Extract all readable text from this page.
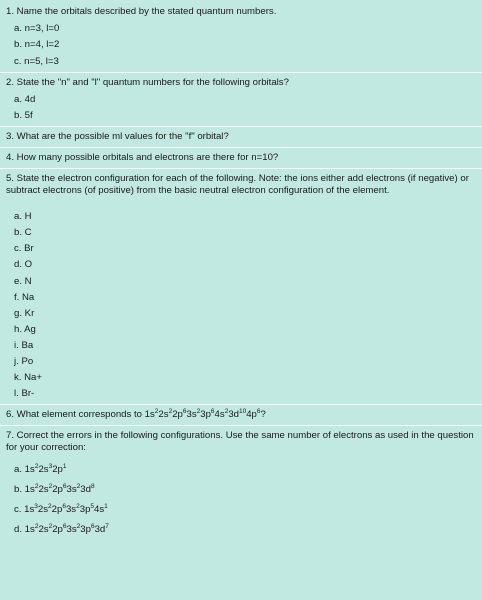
1. Name the orbitals described by the stated quantum numbers.
a. n=3, l=0
b. n=4, l=2
c. n=5, l=3
2. State the "n" and "l" quantum numbers for the following orbitals?
a. 4d
b. 5f
3. What are the possible ml values for the "f" orbital?
4. How many possible orbitals and electrons are there for n=10?
5. State the electron configuration for each of the following. Note: the ions either add electrons (if negative) or subtract electrons (of positive) from the basic neutral electron configuration of the element.
a. H
b. C
c. Br
d. O
e. N
f. Na
g. Kr
h. Ag
i. Ba
j. Po
k. Na+
l. Br-
6. What element corresponds to $1s^22s^22p^63s^23p^64s^23d^{10}4p^6$?
7. Correct the errors in the following configurations. Use the same number of electrons as used in the question for your correction:
a. $1s^22s^32p^1$
b. $1s^22s^22p^63s^23d^8$
c. $1s^32s^22p^63s^23p^54s^1$
d. $1s^22s^22p^63s^23p^63d^7$
